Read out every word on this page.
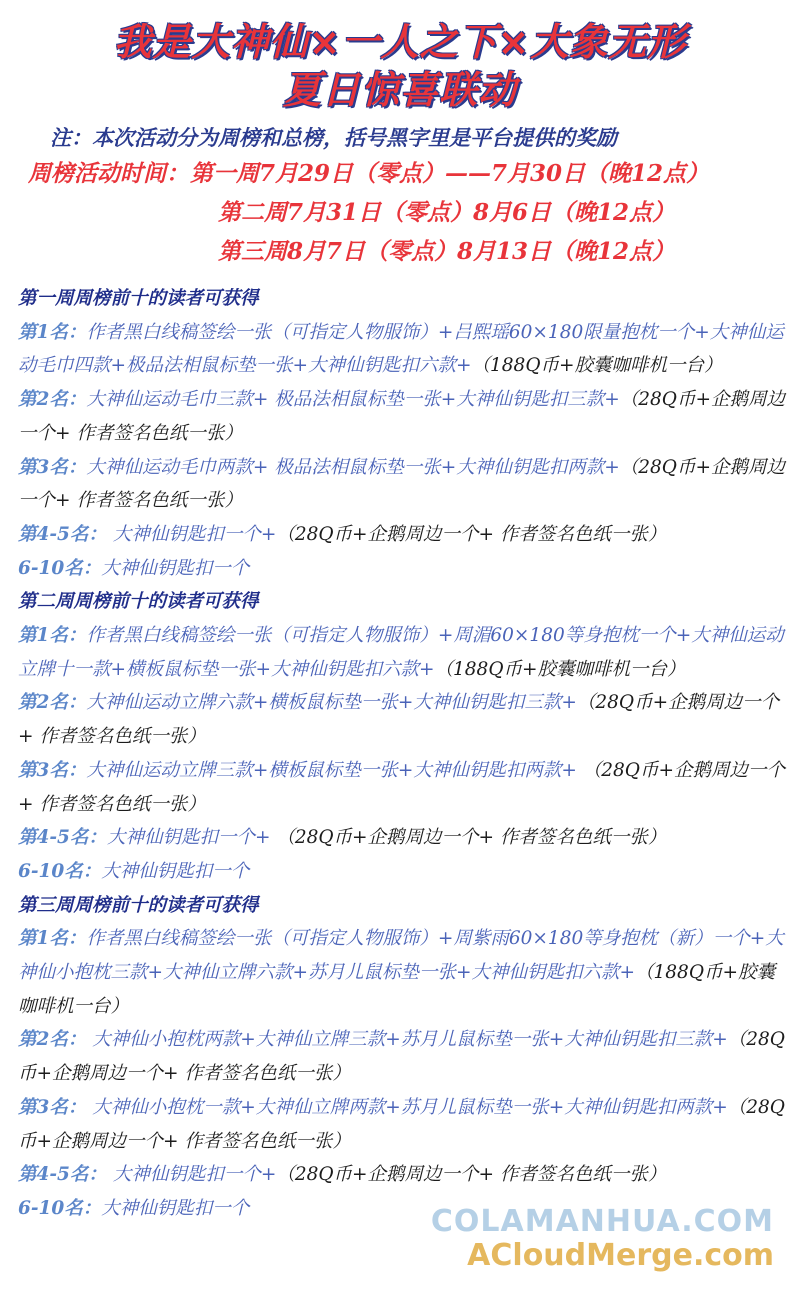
我是大神仙×一人之下×大象无形
夏日惊喜联动
注：本次活动分为周榜和总榜，括号黑字里是平台提供的奖励
周榜活动时间：第一周7月29日（零点）——7月30日（晚12点）
第二周7月31日（零点）8月6日（晚12点）
第三周8月7日（零点）8月13日（晚12点）
第一周周榜前十的读者可获得
第1名：作者黑白线稿签绘一张（可指定人物服饰）+吕熙瑶60×180限量抱枕一个+大神仙运动毛巾四款+极品法相鼠标垫一张+大神仙钥匙扣六款+（188Q币+胶囊咖啡机一台）
第2名：大神仙运动毛巾三款+ 极品法相鼠标垫一张+大神仙钥匙扣三款+（28Q币+企鹅周边一个+ 作者签名色纸一张）
第3名：大神仙运动毛巾两款+ 极品法相鼠标垫一张+大神仙钥匙扣两款+（28Q币+企鹅周边一个+ 作者签名色纸一张）
第4-5名： 大神仙钥匙扣一个+（28Q币+企鹅周边一个+ 作者签名色纸一张）
6-10名：大神仙钥匙扣一个
第二周周榜前十的读者可获得
第1名：作者黑白线稿签绘一张（可指定人物服饰）+周湄60×180等身抱枕一个+大神仙运动立牌十一款+横板鼠标垫一张+大神仙钥匙扣六款+（188Q币+胶囊咖啡机一台）
第2名：大神仙运动立牌六款+横板鼠标垫一张+大神仙钥匙扣三款+（28Q币+企鹅周边一个+ 作者签名色纸一张）
第3名：大神仙运动立牌三款+横板鼠标垫一张+大神仙钥匙扣两款+ （28Q币+企鹅周边一个+ 作者签名色纸一张）
第4-5名：大神仙钥匙扣一个+ （28Q币+企鹅周边一个+ 作者签名色纸一张）
6-10名：大神仙钥匙扣一个
第三周周榜前十的读者可获得
第1名：作者黑白线稿签绘一张（可指定人物服饰）+周紫雨60×180等身抱枕（新）一个+大神仙小抱枕三款+大神仙立牌六款+苏月儿鼠标垫一张+大神仙钥匙扣六款+（188Q币+胶囊咖啡机一台）
第2名： 大神仙小抱枕两款+大神仙立牌三款+苏月儿鼠标垫一张+大神仙钥匙扣三款+（28Q币+企鹅周边一个+ 作者签名色纸一张）
第3名： 大神仙小抱枕一款+大神仙立牌两款+苏月儿鼠标垫一张+大神仙钥匙扣两款+（28Q币+企鹅周边一个+ 作者签名色纸一张）
第4-5名： 大神仙钥匙扣一个+（28Q币+企鹅周边一个+ 作者签名色纸一张）
6-10名：大神仙钥匙扣一个	COLAMANHUA.COM
ACloudMerge.com
